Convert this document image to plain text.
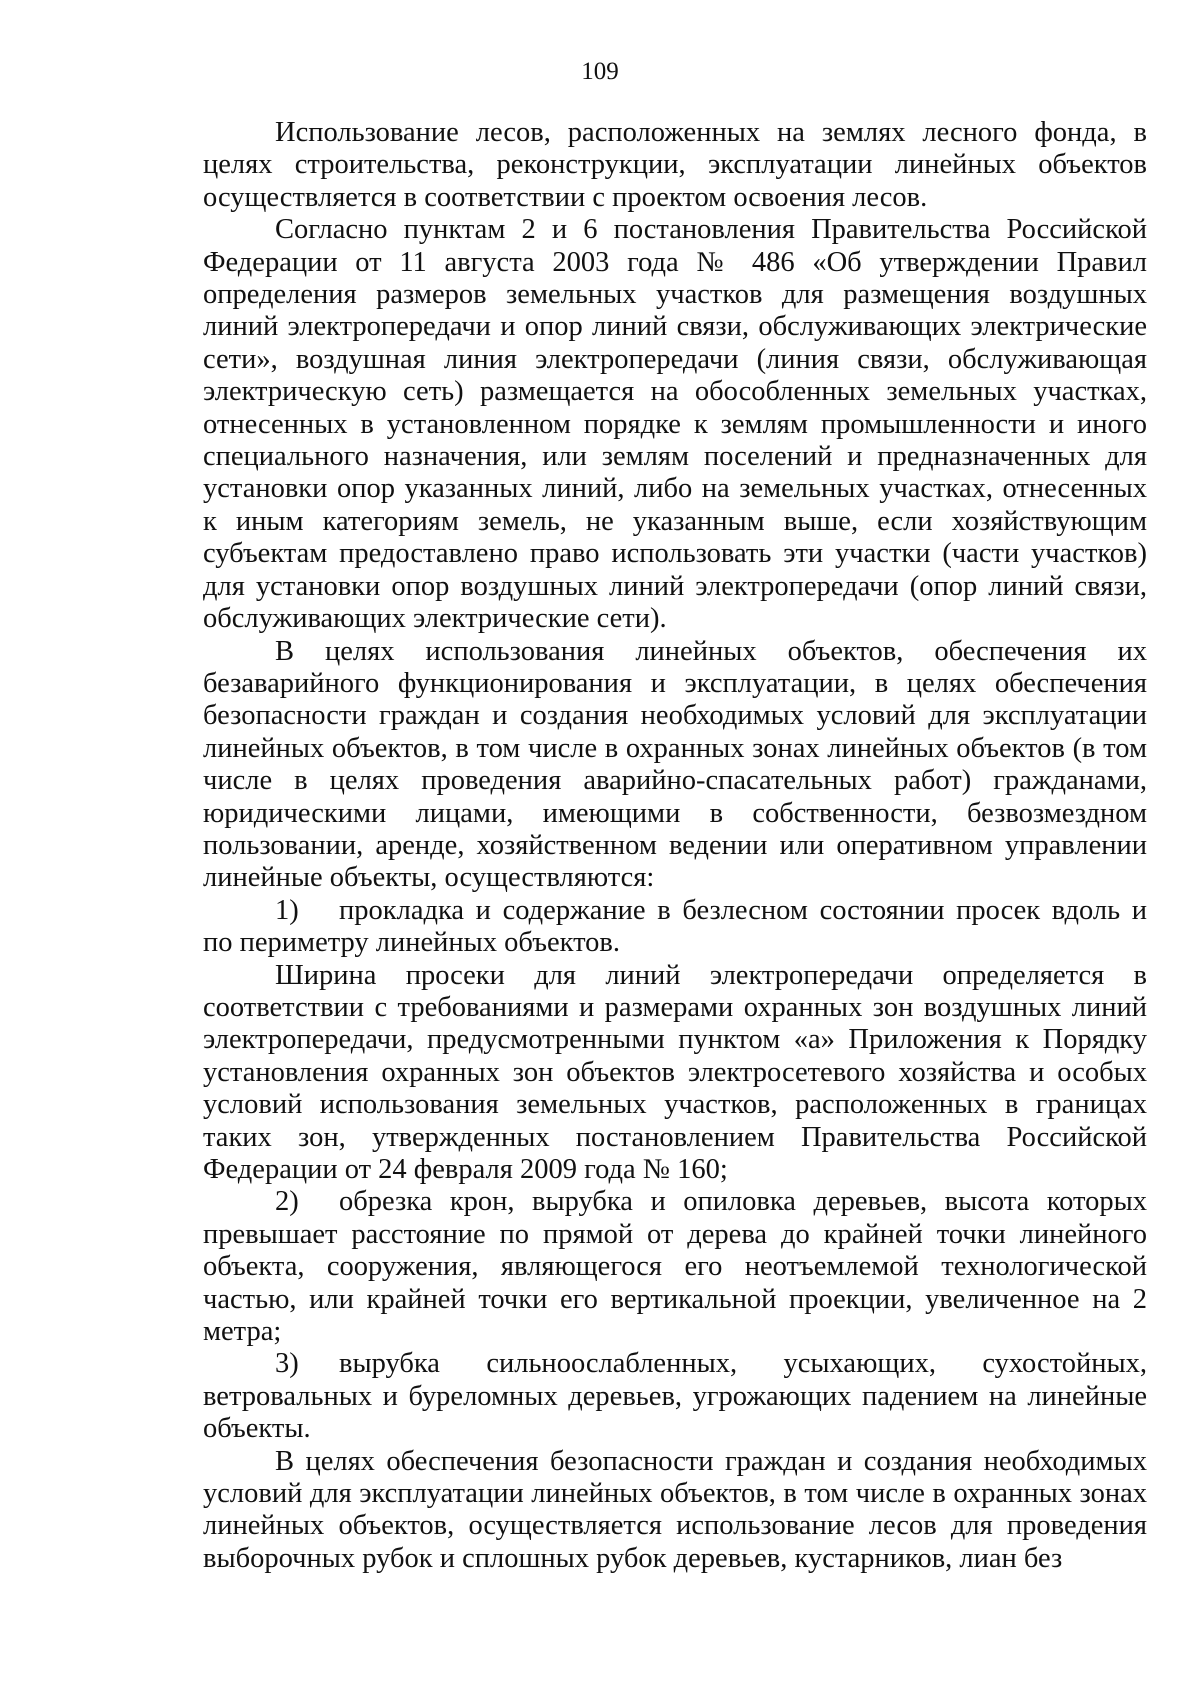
109

Использование лесов, расположенных на землях лесного фонда, в целях строительства, реконструкции, эксплуатации линейных объектов осуществляется в соответствии с проектом освоения лесов.

Согласно пунктам 2 и 6 постановления Правительства Российской Федерации от 11 августа 2003 года № 486 «Об утверждении Правил определения размеров земельных участков для размещения воздушных линий электропередачи и опор линий связи, обслуживающих электрические сети», воздушная линия электропередачи (линия связи, обслуживающая электрическую сеть) размещается на обособленных земельных участках, отнесенных в установленном порядке к землям промышленности и иного специального назначения, или землям поселений и предназначенных для установки опор указанных линий, либо на земельных участках, отнесенных к иным категориям земель, не указанным выше, если хозяйствующим субъектам предоставлено право использовать эти участки (части участков) для установки опор воздушных линий электропередачи (опор линий связи, обслуживающих электрические сети).

В целях использования линейных объектов, обеспечения их безаварийного функционирования и эксплуатации, в целях обеспечения безопасности граждан и создания необходимых условий для эксплуатации линейных объектов, в том числе в охранных зонах линейных объектов (в том числе в целях проведения аварийно-спасательных работ) гражданами, юридическими лицами, имеющими в собственности, безвозмездном пользовании, аренде, хозяйственном ведении или оперативном управлении линейные объекты, осуществляются:

1) прокладка и содержание в безлесном состоянии просек вдоль и по периметру линейных объектов.

Ширина просеки для линий электропередачи определяется в соответствии с требованиями и размерами охранных зон воздушных линий электропередачи, предусмотренными пунктом «а» Приложения к Порядку установления охранных зон объектов электросетевого хозяйства и особых условий использования земельных участков, расположенных в границах таких зон, утвержденных постановлением Правительства Российской Федерации от 24 февраля 2009 года № 160;

2) обрезка крон, вырубка и опиловка деревьев, высота которых превышает расстояние по прямой от дерева до крайней точки линейного объекта, сооружения, являющегося его неотъемлемой технологической частью, или крайней точки его вертикальной проекции, увеличенное на 2 метра;

3) вырубка сильноослабленных, усыхающих, сухостойных, ветровальных и буреломных деревьев, угрожающих падением на линейные объекты.

В целях обеспечения безопасности граждан и создания необходимых условий для эксплуатации линейных объектов, в том числе в охранных зонах линейных объектов, осуществляется использование лесов для проведения выборочных рубок и сплошных рубок деревьев, кустарников, лиан без
